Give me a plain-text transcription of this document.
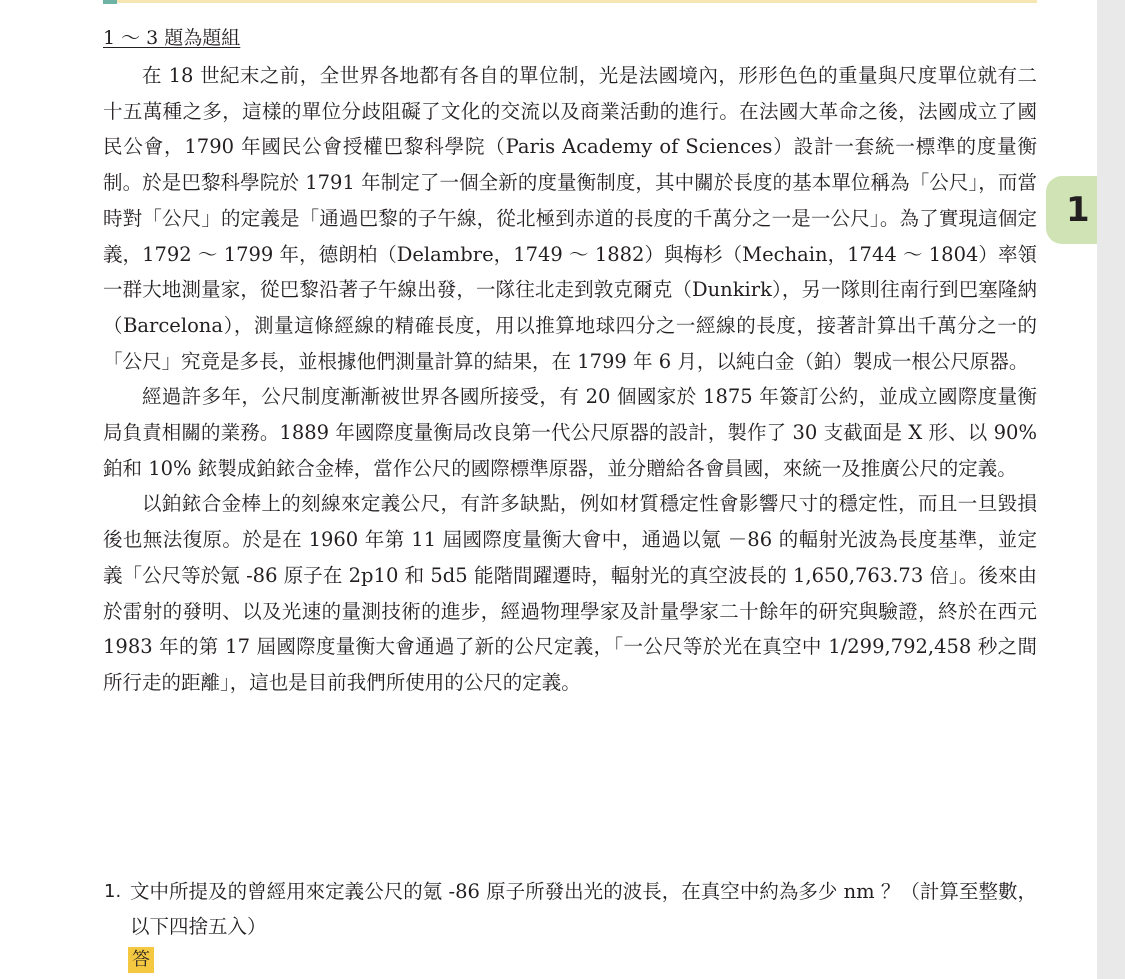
1 ～ 3 題為題組

在 18 世紀末之前，全世界各地都有各自的單位制，光是法國境內，形形色色的重量與尺度單位就有二十五萬種之多，這樣的單位分歧阻礙了文化的交流以及商業活動的進行。在法國大革命之後，法國成立了國民公會，1790 年國民公會授權巴黎科學院（Paris Academy of Sciences）設計一套統一標準的度量衡制。於是巴黎科學院於 1791 年制定了一個全新的度量衡制度，其中關於長度的基本單位稱為「公尺」，而當時對「公尺」的定義是「通過巴黎的子午線，從北極到赤道的長度的千萬分之一是一公尺」。為了實現這個定義，1792 ～ 1799 年，德朗柏（Delambre，1749 ～ 1882）與梅杉（Mechain，1744 ～ 1804）率領一群大地測量家，從巴黎沿著子午線出發，一隊往北走到敦克爾克（Dunkirk），另一隊則往南行到巴塞隆納（Barcelona），測量這條經線的精確長度，用以推算地球四分之一經線的長度，接著計算出千萬分之一的「公尺」究竟是多長，並根據他們測量計算的結果，在 1799 年 6 月，以純白金（鉑）製成一根公尺原器。

經過許多年，公尺制度漸漸被世界各國所接受，有 20 個國家於 1875 年簽訂公約，並成立國際度量衡局負責相關的業務。1889 年國際度量衡局改良第一代公尺原器的設計，製作了 30 支截面是 X 形、以 90% 鉑和 10% 銥製成鉑銥合金棒，當作公尺的國際標準原器，並分贈給各會員國，來統一及推廣公尺的定義。

以鉑銥合金棒上的刻線來定義公尺，有許多缺點，例如材質穩定性會影響尺寸的穩定性，而且一旦毀損後也無法復原。於是在 1960 年第 11 屆國際度量衡大會中，通過以氪 －86 的輻射光波為長度基準，並定義「公尺等於氪 -86 原子在 2p10 和 5d5 能階間躍遷時，輻射光的真空波長的 1,650,763.73 倍」。後來由於雷射的發明、以及光速的量測技術的進步，經過物理學家及計量學家二十餘年的研究與驗證，終於在西元 1983 年的第 17 屆國際度量衡大會通過了新的公尺定義，「一公尺等於光在真空中 1/299,792,458 秒之間所行走的距離」，這也是目前我們所使用的公尺的定義。

1. 文中所提及的曾經用來定義公尺的氪 -86 原子所發出光的波長，在真空中約為多少 nm ？（計算至整數，以下四捨五入）
答
1
